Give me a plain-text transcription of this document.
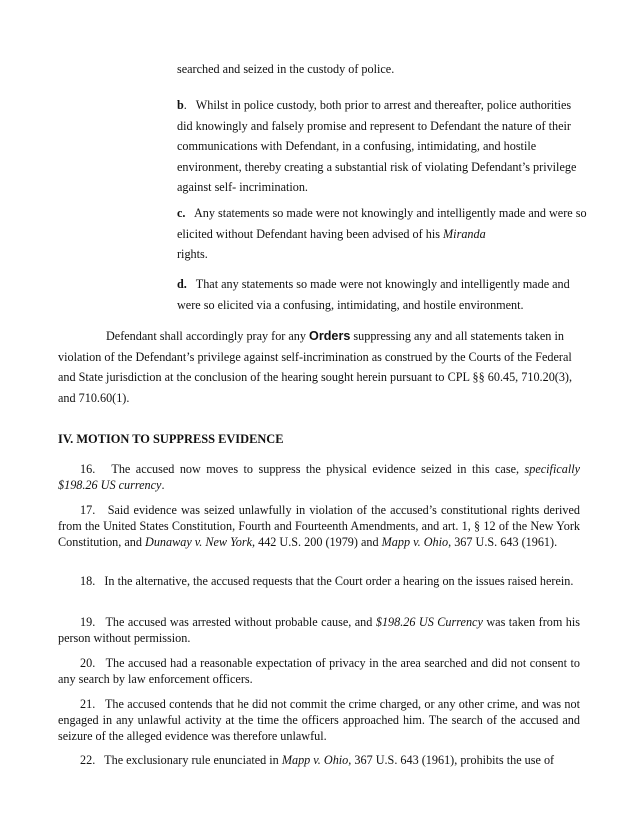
searched and seized in the custody of police.
b. Whilst in police custody, both prior to arrest and thereafter, police authorities did knowingly and falsely promise and represent to Defendant the nature of their communications with Defendant, in a confusing, intimidating, and hostile environment, thereby creating a substantial risk of violating Defendant’s privilege against self- incrimination.
c. Any statements so made were not knowingly and intelligently made and were so elicited without Defendant having been advised of his Miranda
rights.
d. That any statements so made were not knowingly and intelligently made and were so elicited via a confusing, intimidating, and hostile environment.
Defendant shall accordingly pray for any Orders suppressing any and all statements taken in violation of the Defendant’s privilege against self-incrimination as construed by the Courts of the Federal and State jurisdiction at the conclusion of the hearing sought herein pursuant to CPL §§ 60.45, 710.20(3), and 710.60(1).
IV. MOTION TO SUPPRESS EVIDENCE
16. The accused now moves to suppress the physical evidence seized in this case, specifically $198.26 US currency.
17. Said evidence was seized unlawfully in violation of the accused’s constitutional rights derived from the United States Constitution, Fourth and Fourteenth Amendments, and art. 1, § 12 of the New York Constitution, and Dunaway v. New York, 442 U.S. 200 (1979) and Mapp v. Ohio, 367 U.S. 643 (1961).
18. In the alternative, the accused requests that the Court order a hearing on the issues raised herein.
19. The accused was arrested without probable cause, and $198.26 US Currency was taken from his person without permission.
20. The accused had a reasonable expectation of privacy in the area searched and did not consent to any search by law enforcement officers.
21. The accused contends that he did not commit the crime charged, or any other crime, and was not engaged in any unlawful activity at the time the officers approached him. The search of the accused and seizure of the alleged evidence was therefore unlawful.
22. The exclusionary rule enunciated in Mapp v. Ohio, 367 U.S. 643 (1961), prohibits the use of
